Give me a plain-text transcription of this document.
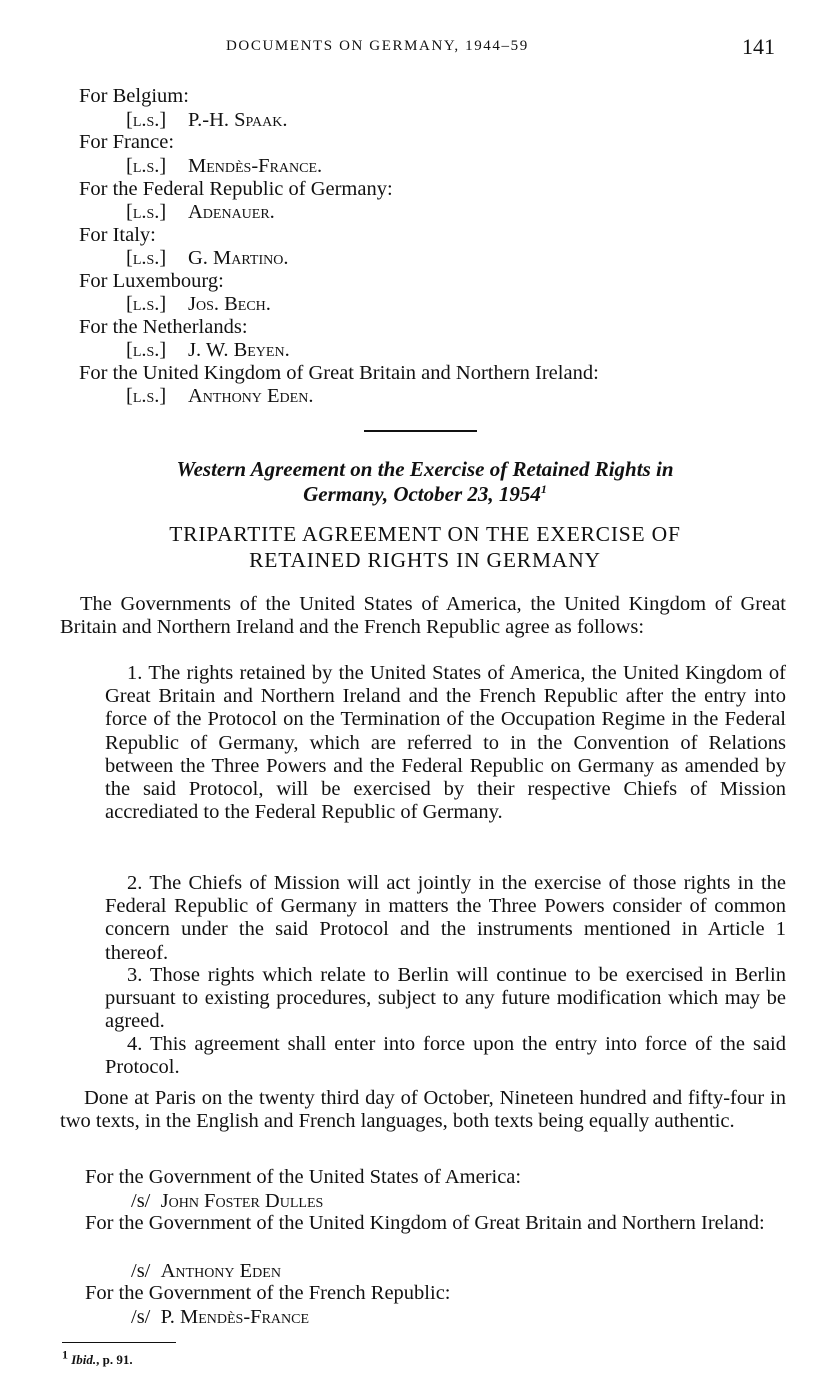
DOCUMENTS ON GERMANY, 1944–59	141
For Belgium:
[l.s.] P.-H. Spaak.
For France:
[l.s.] Mendès-France.
For the Federal Republic of Germany:
[l.s.] Adenauer.
For Italy:
[l.s.] G. Martino.
For Luxembourg:
[l.s.] Jos. Bech.
For the Netherlands:
[l.s.] J. W. Beyen.
For the United Kingdom of Great Britain and Northern Ireland:
[l.s.] Anthony Eden.
Western Agreement on the Exercise of Retained Rights in
Germany, October 23, 1954$^1$
TRIPARTITE AGREEMENT ON THE EXERCISE OF
RETAINED RIGHTS IN GERMANY
The Governments of the United States of America, the United Kingdom of Great Britain and Northern Ireland and the French Republic agree as follows:
1. The rights retained by the United States of America, the United Kingdom of Great Britain and Northern Ireland and the French Republic after the entry into force of the Protocol on the Termination of the Occupation Regime in the Federal Republic of Germany, which are referred to in the Convention of Relations between the Three Powers and the Federal Republic on Germany as amended by the said Protocol, will be exercised by their respective Chiefs of Mission accrediated to the Federal Republic of Germany.
2. The Chiefs of Mission will act jointly in the exercise of those rights in the Federal Republic of Germany in matters the Three Powers consider of common concern under the said Protocol and the instruments mentioned in Article 1 thereof.
3. Those rights which relate to Berlin will continue to be exercised in Berlin pursuant to existing procedures, subject to any future modification which may be agreed.
4. This agreement shall enter into force upon the entry into force of the said Protocol.
Done at Paris on the twenty third day of October, Nineteen hundred and fifty-four in two texts, in the English and French languages, both texts being equally authentic.
For the Government of the United States of America:
/s/ John Foster Dulles
For the Government of the United Kingdom of Great Britain and Northern Ireland:
/s/ Anthony Eden
For the Government of the French Republic:
/s/ P. Mendès-France
$^1$ Ibid., p. 91.
